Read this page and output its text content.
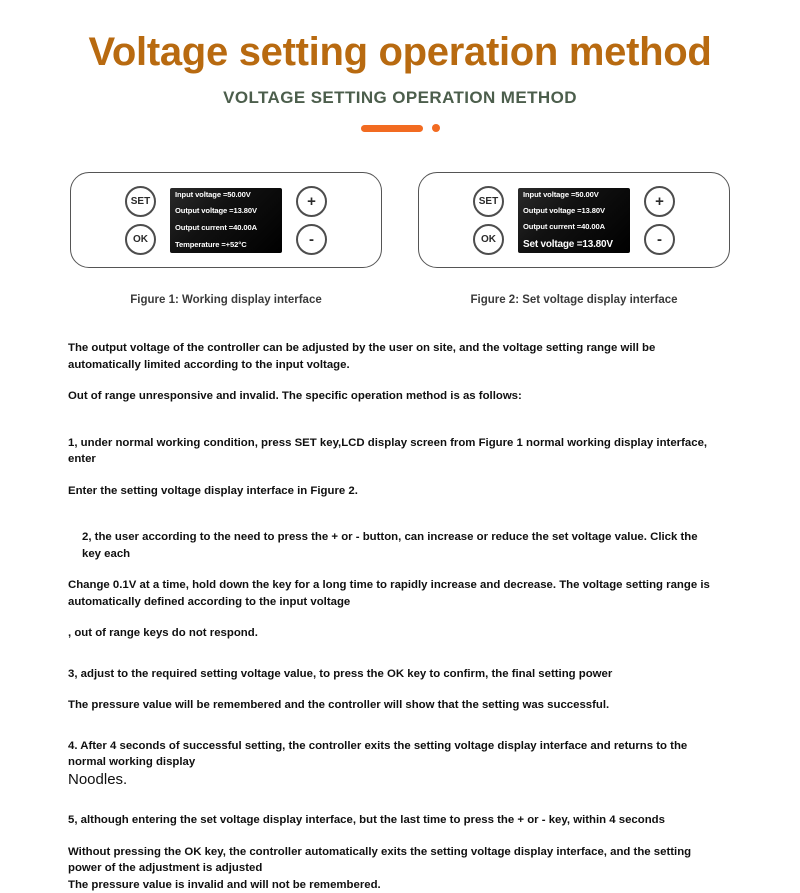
Voltage setting operation method
VOLTAGE SETTING OPERATION METHOD
SET
OK
Input voltage =50.00V
Output voltage =13.80V
Output current =40.00A
Temperature =+52°C
+
-
SET
OK
Input voltage =50.00V
Output voltage =13.80V
Output current =40.00A
Set voltage =13.80V
+
-
Figure 1: Working display interface	Figure 2: Set voltage display interface

The output voltage of the controller can be adjusted by the user on site, and the voltage setting range will be automatically limited according to the input voltage.

Out of range unresponsive and invalid. The specific operation method is as follows:

1, under normal working condition, press SET key,LCD display screen from Figure 1 normal working display interface, enter

Enter the setting voltage display interface in Figure 2.

2, the user according to the need to press the + or - button, can increase or reduce the set voltage value. Click the key each

Change 0.1V at a time, hold down the key for a long time to rapidly increase and decrease. The voltage setting range is automatically defined according to the input voltage

, out of range keys do not respond.

3, adjust to the required setting voltage value, to press the OK key to confirm, the final setting power

The pressure value will be remembered and the controller will show that the setting was successful.

4. After 4 seconds of successful setting, the controller exits the setting voltage display interface and returns to the normal working display

Noodles.

5, although entering the set voltage display interface, but the last time to press the + or - key, within 4 seconds

Without pressing the OK key, the controller automatically exits the setting voltage display interface, and the setting power of the adjustment is adjusted

The pressure value is invalid and will not be remembered.
